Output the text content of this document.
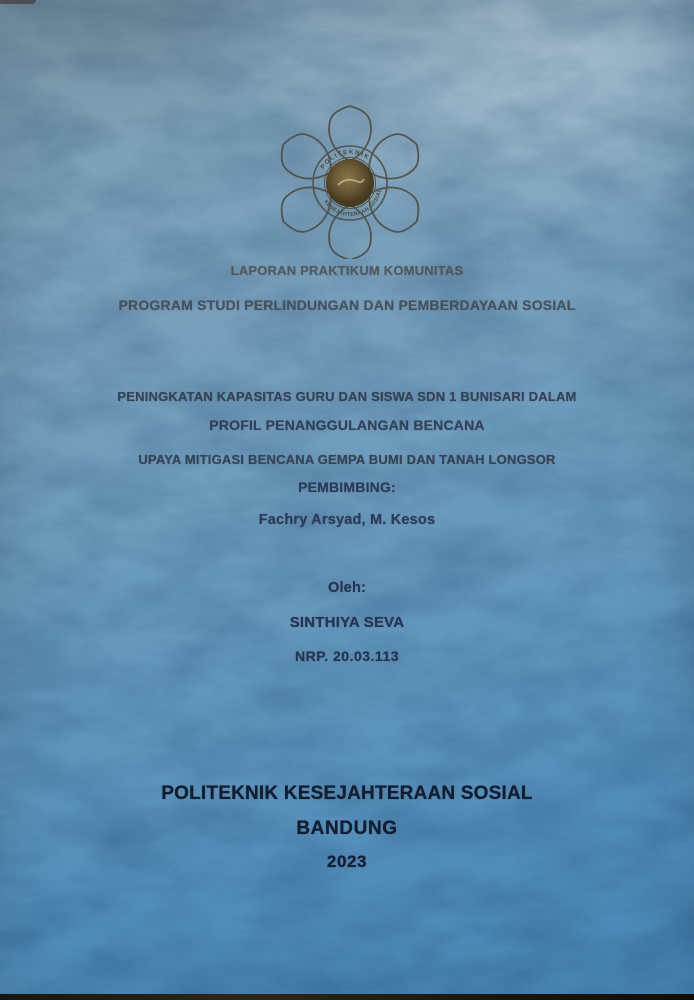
POLITEKNIK
KESEJAHTERAAN SOSIAL
LAPORAN PRAKTIKUM KOMUNITAS
PROGRAM STUDI PERLINDUNGAN DAN PEMBERDAYAAN SOSIAL

PENINGKATAN KAPASITAS GURU DAN SISWA SDN 1 BUNISARI DALAM

UPAYA MITIGASI BENCANA GEMPA BUMI DAN TANAH LONGSOR

PROFIL PENANGGULANGAN BENCANA
PEMBIMBING:
Fachry Arsyad, M. Kesos
Oleh:
SINTHIYA SEVA
NRP. 20.03.113
POLITEKNIK KESEJAHTERAAN SOSIAL
BANDUNG
2023
